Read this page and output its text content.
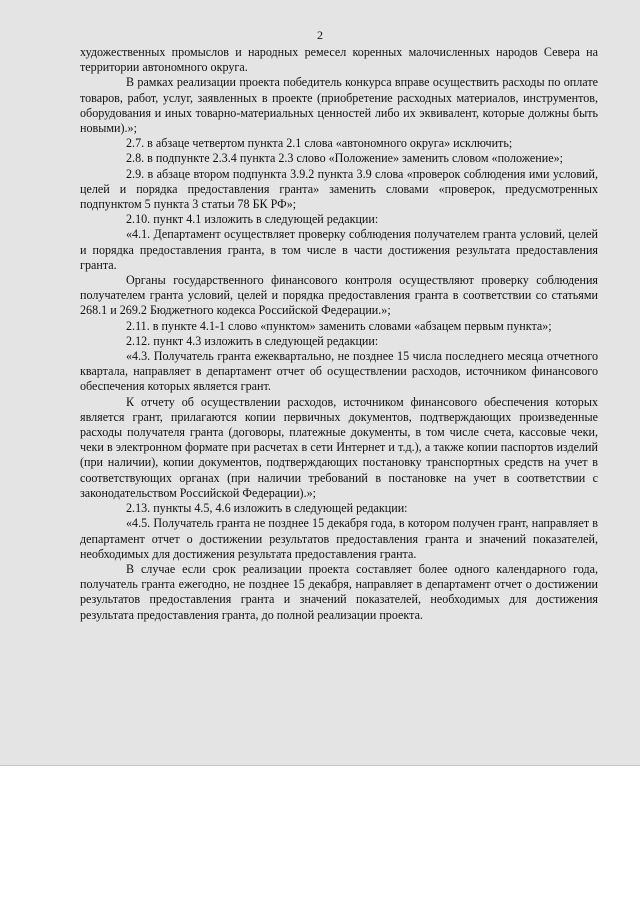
2

художественных промыслов и народных ремесел коренных малочисленных народов Севера на территории автономного округа.

В рамках реализации проекта победитель конкурса вправе осуществить расходы по оплате товаров, работ, услуг, заявленных в проекте (приобретение расходных материалов, инструментов, оборудования и иных товарно-материальных ценностей либо их эквивалент, которые должны быть новыми).»;

2.7. в абзаце четвертом пункта 2.1 слова «автономного округа» исключить;

2.8. в подпункте 2.3.4 пункта 2.3 слово «Положение» заменить словом «положение»;

2.9. в абзаце втором подпункта 3.9.2 пункта 3.9 слова «проверок соблюдения ими условий, целей и порядка предоставления гранта» заменить словами «проверок, предусмотренных подпунктом 5 пункта 3 статьи 78 БК РФ»;

2.10. пункт 4.1 изложить в следующей редакции:

«4.1. Департамент осуществляет проверку соблюдения получателем гранта условий, целей и порядка предоставления гранта, в том числе в части достижения результата предоставления гранта.

Органы государственного финансового контроля осуществляют проверку соблюдения получателем гранта условий, целей и порядка предоставления гранта в соответствии со статьями 268.1 и 269.2 Бюджетного кодекса Российской Федерации.»;

2.11. в пункте 4.1-1 слово «пунктом» заменить словами «абзацем первым пункта»;

2.12. пункт 4.3 изложить в следующей редакции:

«4.3. Получатель гранта ежеквартально, не позднее 15 числа последнего месяца отчетного квартала, направляет в департамент отчет об осуществлении расходов, источником финансового обеспечения которых является грант.

К отчету об осуществлении расходов, источником финансового обеспечения которых является грант, прилагаются копии первичных документов, подтверждающих произведенные расходы получателя гранта (договоры, платежные документы, в том числе счета, кассовые чеки, чеки в электронном формате при расчетах в сети Интернет и т.д.), а также копии паспортов изделий (при наличии), копии документов, подтверждающих постановку транспортных средств на учет в соответствующих органах (при наличии требований в постановке на учет в соответствии с законодательством Российской Федерации).»;

2.13. пункты 4.5, 4.6 изложить в следующей редакции:

«4.5. Получатель гранта не позднее 15 декабря года, в котором получен грант, направляет в департамент отчет о достижении результатов предоставления гранта и значений показателей, необходимых для достижения результата предоставления гранта.

В случае если срок реализации проекта составляет более одного календарного года, получатель гранта ежегодно, не позднее 15 декабря, направляет в департамент отчет о достижении результатов предоставления гранта и значений показателей, необходимых для достижения результата предоставления гранта, до полной реализации проекта.
